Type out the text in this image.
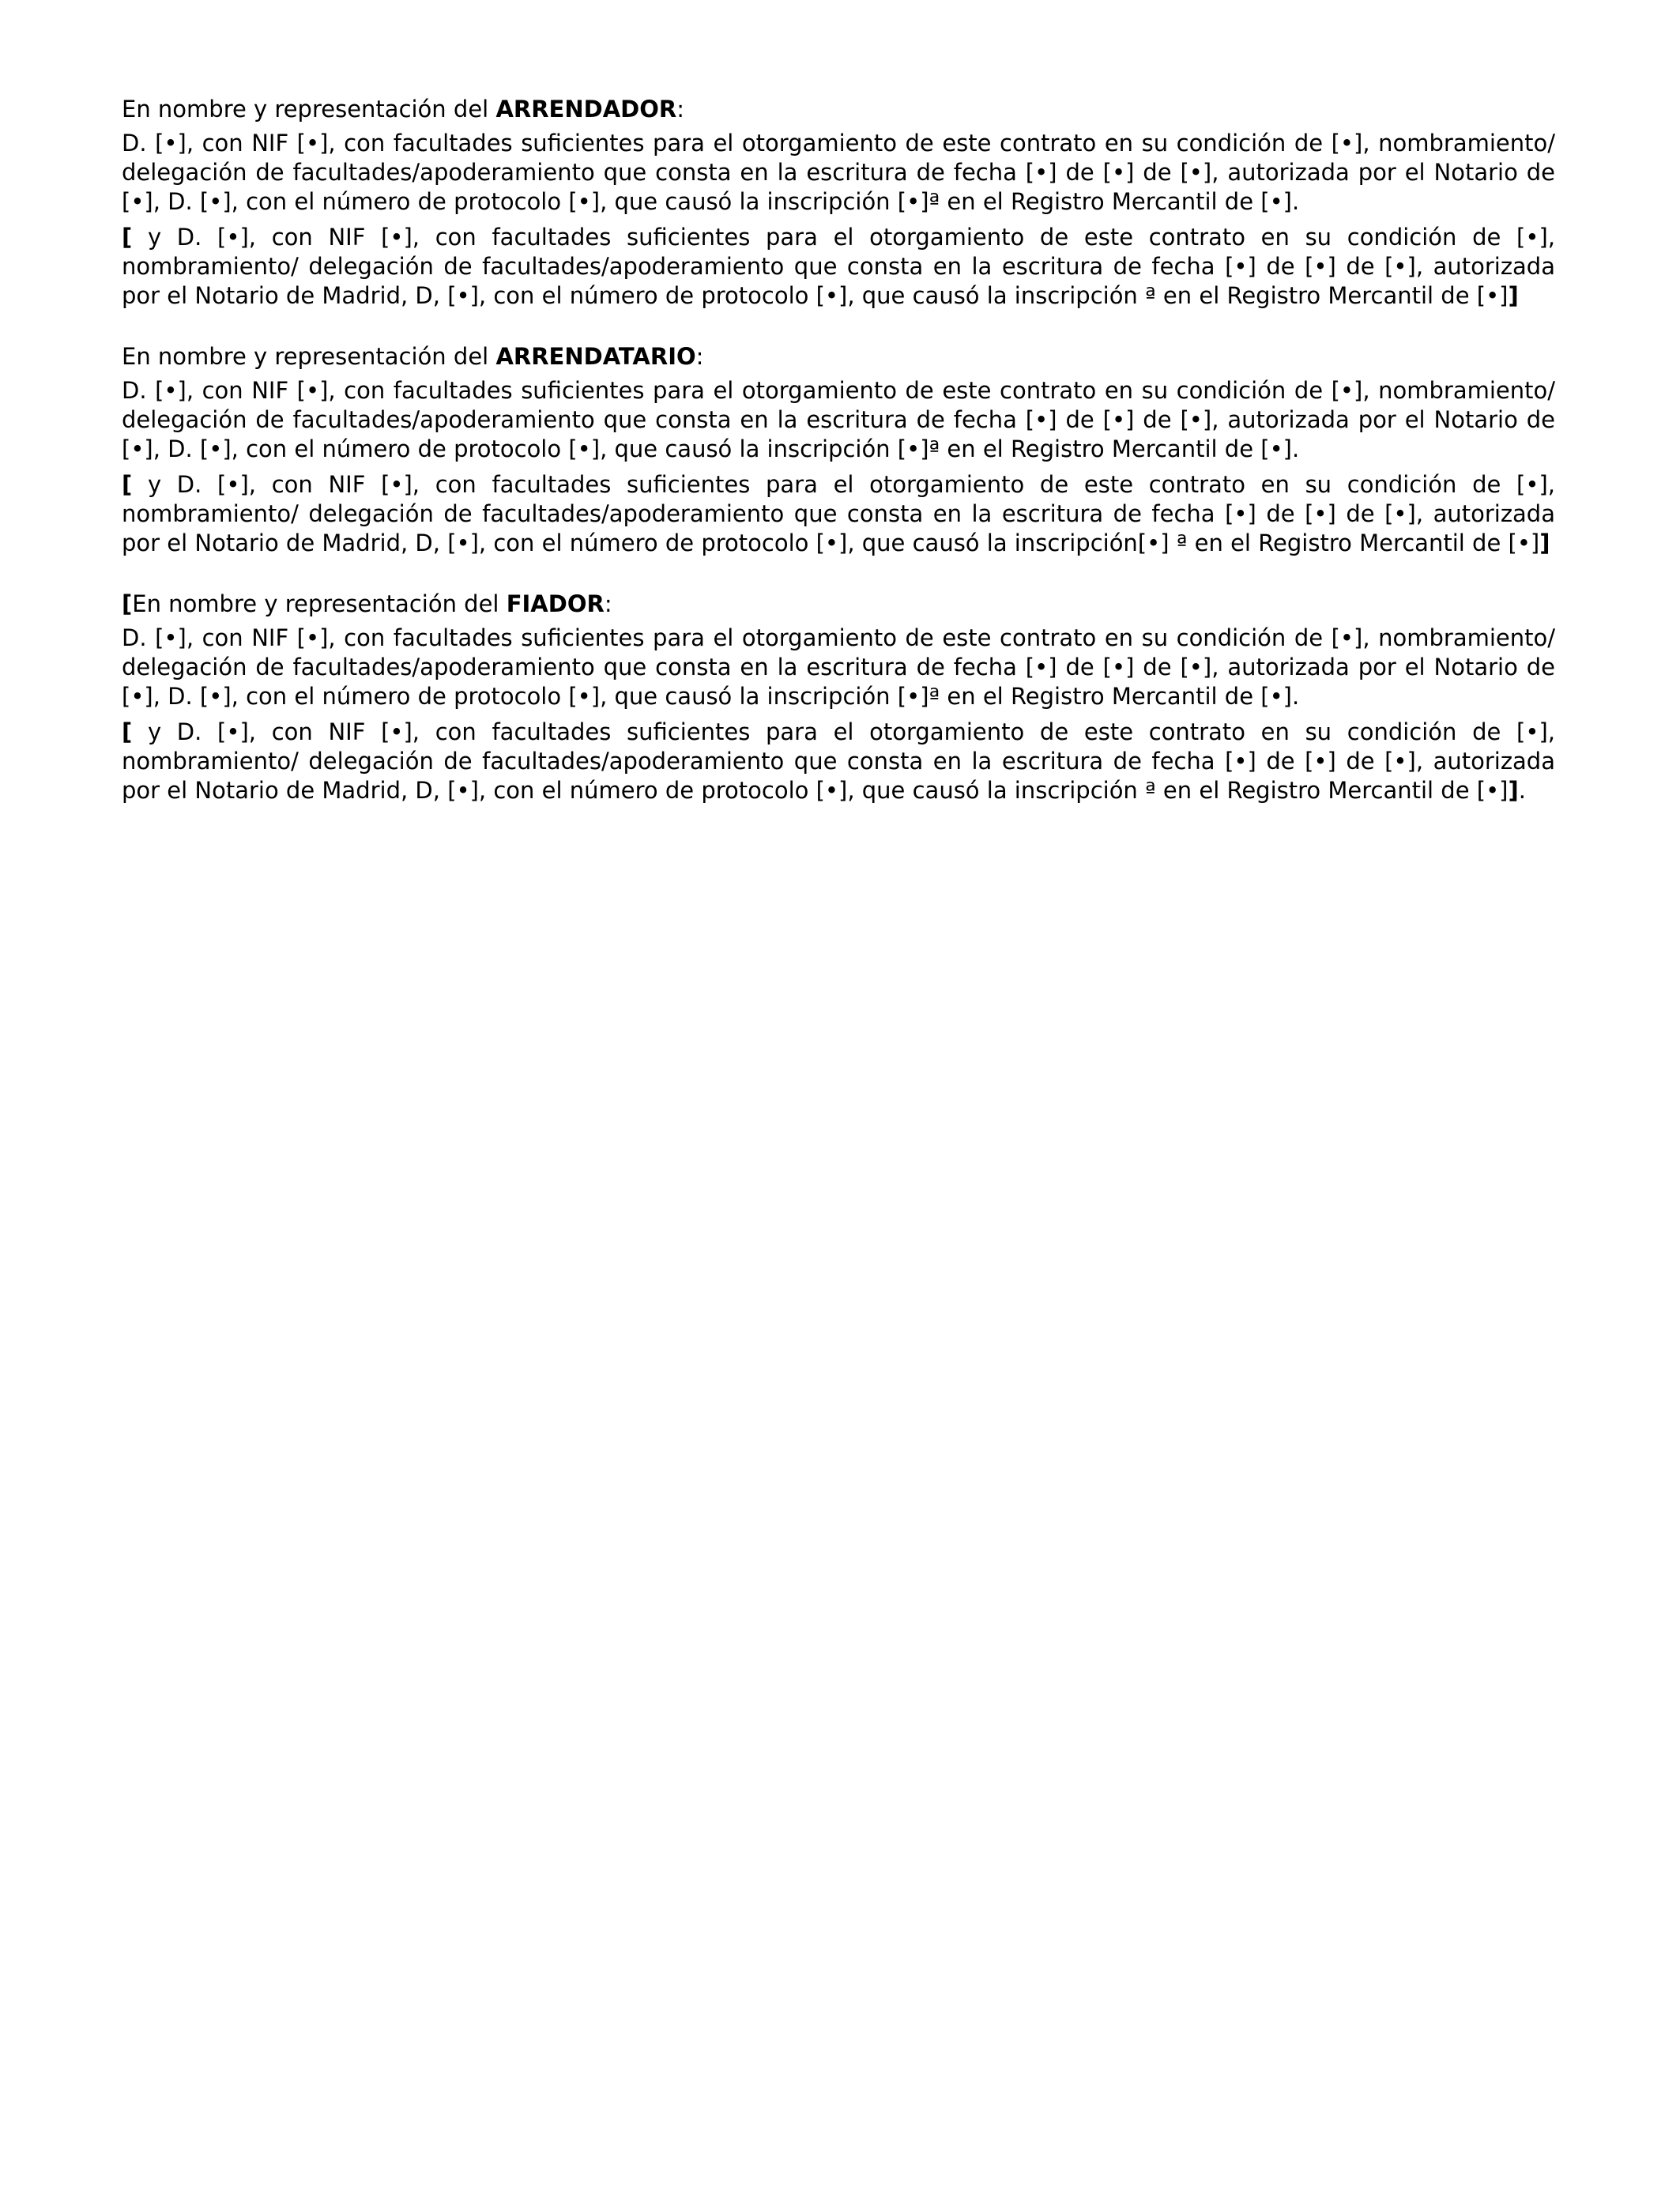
En nombre y representación del ARRENDADOR:

D. [•], con NIF [•], con facultades suficientes para el otorgamiento de este contrato en su condición de [•], nombramiento/ delegación de facultades/apoderamiento que consta en la escritura de fecha [•] de [•] de [•], autorizada por el Notario de [•], D. [•], con el número de protocolo [•], que causó la inscripción [•]ª en el Registro Mercantil de [•].

[ y D. [•], con NIF [•], con facultades suficientes para el otorgamiento de este contrato en su condición de [•], nombramiento/ delegación de facultades/apoderamiento que consta en la escritura de fecha [•] de [•] de [•], autorizada por el Notario de Madrid, D, [•], con el número de protocolo [•], que causó la inscripción ª en el Registro Mercantil de [•]]

En nombre y representación del ARRENDATARIO:

D. [•], con NIF [•], con facultades suficientes para el otorgamiento de este contrato en su condición de [•], nombramiento/ delegación de facultades/apoderamiento que consta en la escritura de fecha [•] de [•] de [•], autorizada por el Notario de [•], D. [•], con el número de protocolo [•], que causó la inscripción [•]ª en el Registro Mercantil de [•].

[ y D. [•], con NIF [•], con facultades suficientes para el otorgamiento de este contrato en su condición de [•], nombramiento/ delegación de facultades/apoderamiento que consta en la escritura de fecha [•] de [•] de [•], autorizada por el Notario de Madrid, D, [•], con el número de protocolo [•], que causó la inscripción[•] ª en el Registro Mercantil de [•]]

[En nombre y representación del FIADOR:

D. [•], con NIF [•], con facultades suficientes para el otorgamiento de este contrato en su condición de [•], nombramiento/ delegación de facultades/apoderamiento que consta en la escritura de fecha [•] de [•] de [•], autorizada por el Notario de [•], D. [•], con el número de protocolo [•], que causó la inscripción [•]ª en el Registro Mercantil de [•].

[ y D. [•], con NIF [•], con facultades suficientes para el otorgamiento de este contrato en su condición de [•], nombramiento/ delegación de facultades/apoderamiento que consta en la escritura de fecha [•] de [•] de [•], autorizada por el Notario de Madrid, D, [•], con el número de protocolo [•], que causó la inscripción ª en el Registro Mercantil de [•]].
